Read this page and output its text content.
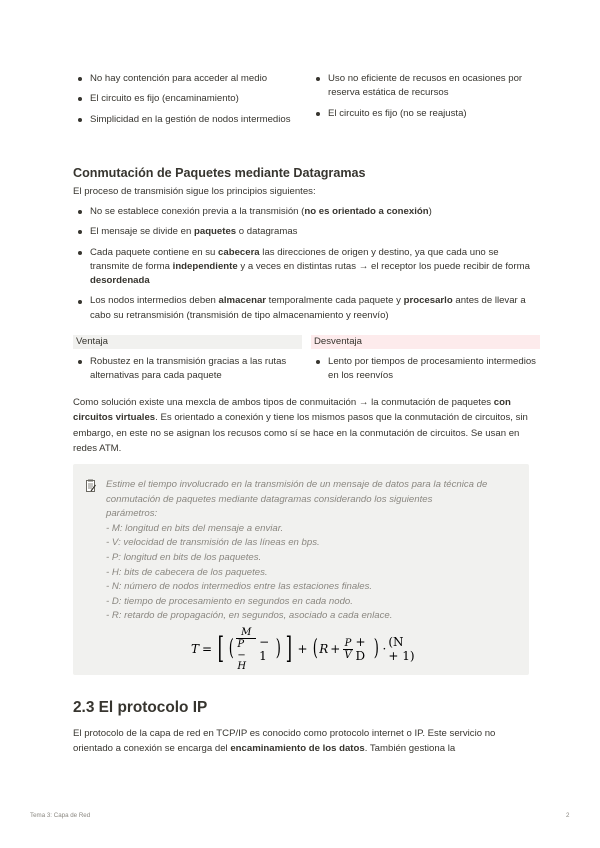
No hay contención para acceder al medio
El circuito es fijo (encaminamiento)
Simplicidad en la gestión de nodos intermedios
Uso no eficiente de recusos en ocasiones por reserva estática de recursos
El circuito es fijo (no se reajusta)
Conmutación de Paquetes mediante Datagramas

El proceso de transmisión sigue los principios siguientes:

No se establece conexión previa a la transmisión (no es orientado a conexión)
El mensaje se divide en paquetes o datagramas
Cada paquete contiene en su cabecera las direcciones de origen y destino, ya que cada uno se transmite de forma independiente y a veces en distintas rutas → el receptor los puede recibir de forma desordenada
Los nodos intermedios deben almacenar temporalmente cada paquete y procesarlo antes de llevar a cabo su retransmisión (transmisión de tipo almacenamiento y reenvío)
Ventaja
Robustez en la transmisión gracias a las rutas alternativas para cada paquete
Desventaja
Lento por tiempos de procesamiento intermedios en los reenvíos

Como solución existe una mexcla de ambos tipos de conmuitación → la conmutación de paquetes con circuitos virtuales. Es orientado a conexión y tiene los mismos pasos que la conmutación de circuitos, sin embargo, en este no se asignan los recusos como sí se hace en la conmutación de circuitos. Se usan en redes ATM.

Estime el tiempo involucrado en la transmisión de un mensaje de datos para la técnica de
conmutación de paquetes mediante datagramas considerando los siguientes
parámetros:
- M: longitud en bits del mensaje a enviar.
- V: velocidad de transmisión de las líneas en bps.
- P: longitud en bits de los paquetes.
- H: bits de cabecera de los paquetes.
- N: número de nodos intermedios entre las estaciones finales.
- D: tiempo de procesamiento en segundos en cada nodo.
- R: retardo de propagación, en segundos, asociado a cada enlace.
T = [ ( $\frac{M}{P - H} - 1$ ) ] + ( $R + \frac{P}{V} + D$ ) · (N + 1)
2.3 El protocolo IP

El protocolo de la capa de red en TCP/IP es conocido como protocolo internet o IP. Este servicio no orientado a conexión se encarga del encaminamiento de los datos. También gestiona la

Tema 3: Capa de Red	2
